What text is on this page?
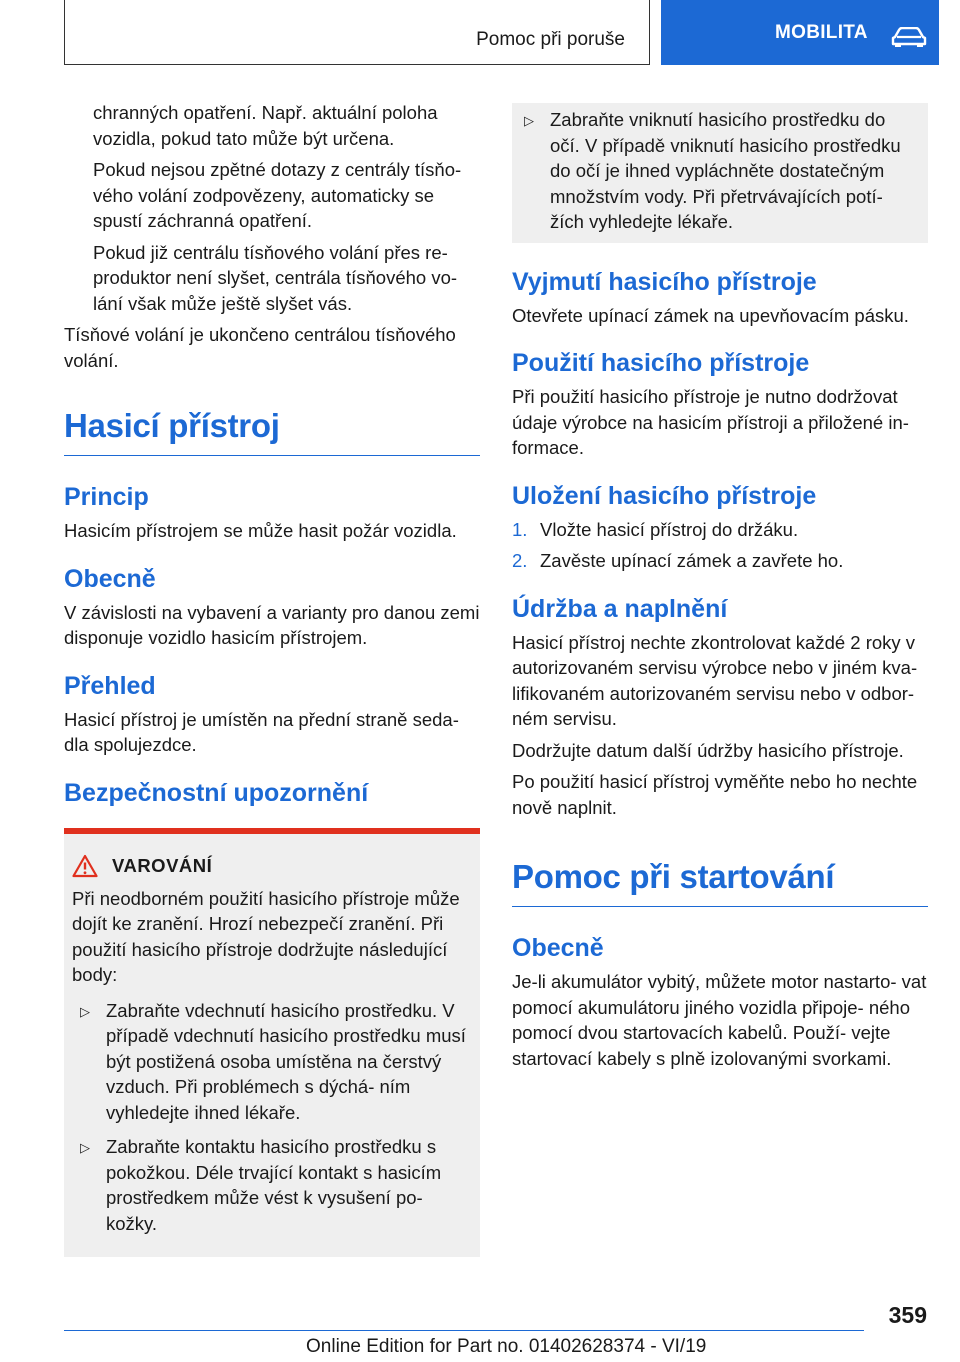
Pomoc při poruše	MOBILITA

chranných opatření. Např. aktuální poloha vozidla, pokud tato může být určena.

Pokud nejsou zpětné dotazy z centrály tísňo- vého volání zodpovězeny, automaticky se spustí záchranná opatření.

Pokud již centrálu tísňového volání přes re- produktor není slyšet, centrála tísňového vo- lání však může ještě slyšet vás.

Tísňové volání je ukončeno centrálou tísňového volání.

Hasicí přístroj
Princip

Hasicím přístrojem se může hasit požár vozidla.

Obecně

V závislosti na vybavení a varianty pro danou zemi disponuje vozidlo hasicím přístrojem.

Přehled

Hasicí přístroj je umístěn na přední straně seda- dla spolujezdce.

Bezpečnostní upozornění
VAROVÁNÍ

Při neodborném použití hasicího přístroje může dojít ke zranění. Hrozí nebezpečí zranění. Při použití hasicího přístroje dodržujte následující body:

▷ Zabraňte vdechnutí hasicího prostředku. V případě vdechnutí hasicího prostředku musí být postižená osoba umístěna na čerstvý vzduch. Při problémech s dýchá- ním vyhledejte ihned lékaře.
▷ Zabraňte kontaktu hasicího prostředku s pokožkou. Déle trvající kontakt s hasicím prostředkem může vést k vysušení po- kožky.
▷ Zabraňte vniknutí hasicího prostředku do očí. V případě vniknutí hasicího prostředku do očí je ihned vypláchněte dostatečným množstvím vody. Při přetrvávajících potí- žích vyhledejte lékaře.
Vyjmutí hasicího přístroje

Otevřete upínací zámek na upevňovacím pásku.

Použití hasicího přístroje

Při použití hasicího přístroje je nutno dodržovat údaje výrobce na hasicím přístroji a přiložené in- formace.

Uložení hasicího přístroje
1. Vložte hasicí přístroj do držáku.
2. Zavěste upínací zámek a zavřete ho.
Údržba a naplnění

Hasicí přístroj nechte zkontrolovat každé 2 roky v autorizovaném servisu výrobce nebo v jiném kva- lifikovaném autorizovaném servisu nebo v odbor- ném servisu.

Dodržujte datum další údržby hasicího přístroje.

Po použití hasicí přístroj vyměňte nebo ho nechte nově naplnit.

Pomoc při startování
Obecně

Je-li akumulátor vybitý, můžete motor nastarto- vat pomocí akumulátoru jiného vozidla připoje- ného pomocí dvou startovacích kabelů. Použí- vejte startovací kabely s plně izolovanými svorkami.

359
Online Edition for Part no. 01402628374 - VI/19
